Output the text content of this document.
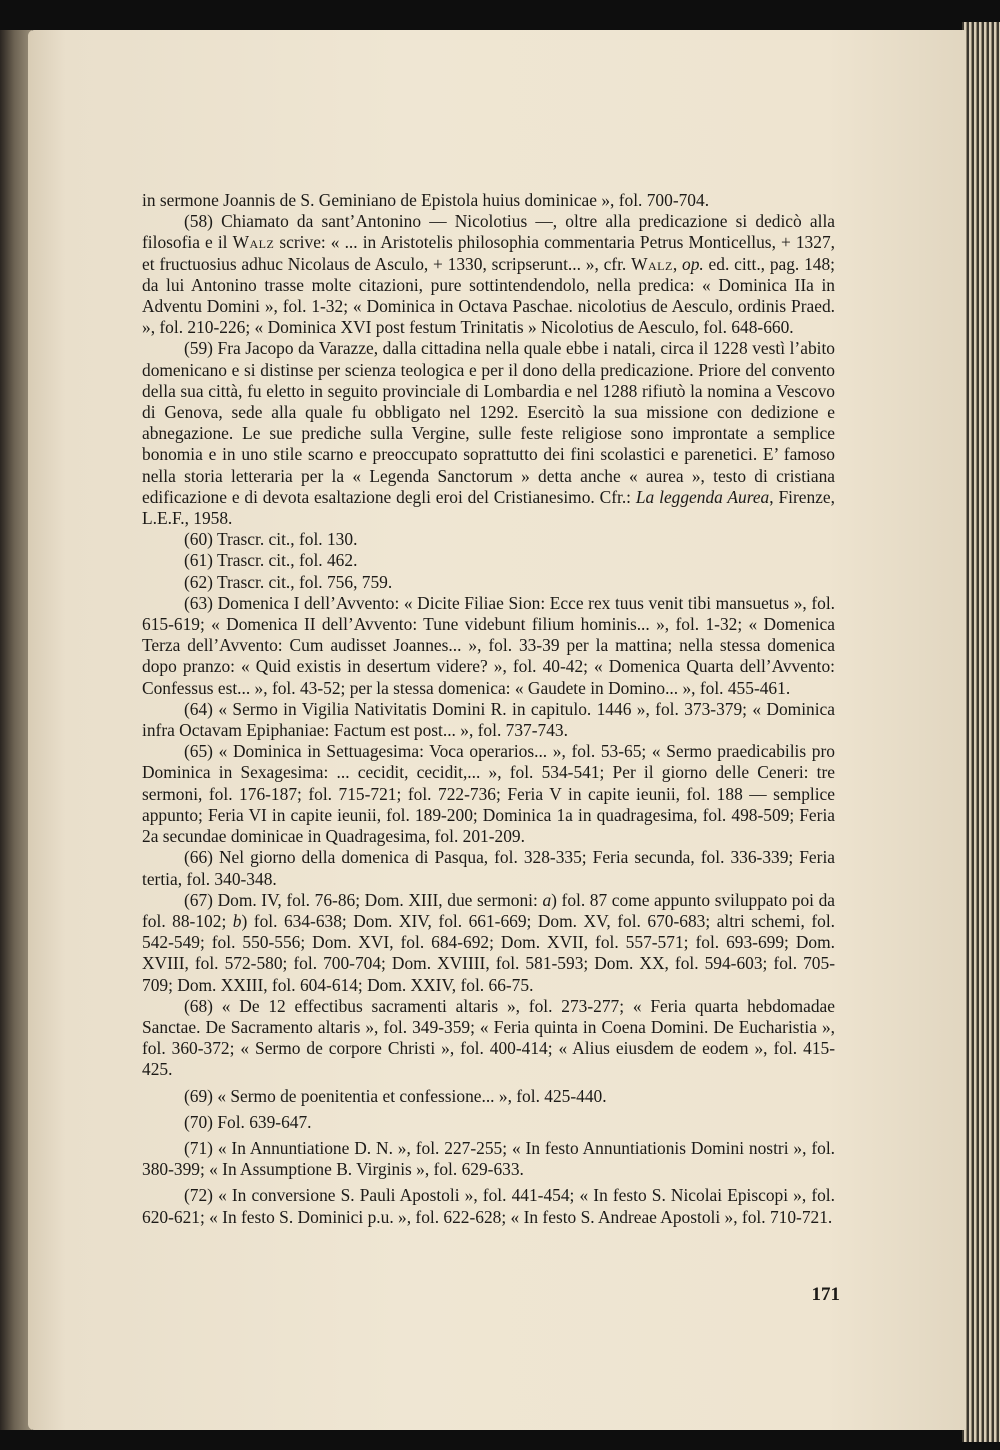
in sermone Joannis de S. Geminiano de Epistola huius dominicae », fol. 700-704.

(58) Chiamato da sant’Antonino — Nicolotius —, oltre alla predicazione si dedicò alla filosofia e il Walz scrive: « ... in Aristotelis philosophia commentaria Petrus Monticellus, + 1327, et fructuosius adhuc Nicolaus de Asculo, + 1330, scripserunt... », cfr. Walz, op. ed. citt., pag. 148; da lui Antonino trasse molte citazioni, pure sottintendendolo, nella predica: « Dominica IIa in Adventu Domini », fol. 1-32; « Dominica in Octava Paschae. nicolotius de Aesculo, ordinis Praed. », fol. 210-226; « Dominica XVI post festum Trinitatis » Nicolotius de Aesculo, fol. 648-660.

(59) Fra Jacopo da Varazze, dalla cittadina nella quale ebbe i natali, circa il 1228 vestì l’abito domenicano e si distinse per scienza teologica e per il dono della predicazione. Priore del convento della sua città, fu eletto in seguito provinciale di Lombardia e nel 1288 rifiutò la nomina a Vescovo di Genova, sede alla quale fu obbligato nel 1292. Esercitò la sua missione con dedizione e abnegazione. Le sue prediche sulla Vergine, sulle feste religiose sono improntate a semplice bonomia e in uno stile scarno e preoccupato soprattutto dei fini scolastici e parenetici. E’ famoso nella storia letteraria per la « Legenda Sanctorum » detta anche « aurea », testo di cristiana edificazione e di devota esaltazione degli eroi del Cristianesimo. Cfr.: La leggenda Aurea, Firenze, L.E.F., 1958.

(60) Trascr. cit., fol. 130.

(61) Trascr. cit., fol. 462.

(62) Trascr. cit., fol. 756, 759.

(63) Domenica I dell’Avvento: « Dicite Filiae Sion: Ecce rex tuus venit tibi mansuetus », fol. 615-619; « Domenica II dell’Avvento: Tune videbunt filium hominis... », fol. 1-32; « Domenica Terza dell’Avvento: Cum audisset Joannes... », fol. 33-39 per la mattina; nella stessa domenica dopo pranzo: « Quid existis in desertum videre? », fol. 40-42; « Domenica Quarta dell’Avvento: Confessus est... », fol. 43-52; per la stessa domenica: « Gaudete in Domino... », fol. 455-461.

(64) « Sermo in Vigilia Nativitatis Domini R. in capitulo. 1446 », fol. 373-379; « Dominica infra Octavam Epiphaniae: Factum est post... », fol. 737-743.

(65) « Dominica in Settuagesima: Voca operarios... », fol. 53-65; « Sermo praedicabilis pro Dominica in Sexagesima: ... cecidit, cecidit,... », fol. 534-541; Per il giorno delle Ceneri: tre sermoni, fol. 176-187; fol. 715-721; fol. 722-736; Feria V in capite ieunii, fol. 188 — semplice appunto; Feria VI in capite ieunii, fol. 189-200; Dominica 1a in quadragesima, fol. 498-509; Feria 2a secundae dominicae in Quadragesima, fol. 201-209.

(66) Nel giorno della domenica di Pasqua, fol. 328-335; Feria secunda, fol. 336-339; Feria tertia, fol. 340-348.

(67) Dom. IV, fol. 76-86; Dom. XIII, due sermoni: a) fol. 87 come appunto sviluppato poi da fol. 88-102; b) fol. 634-638; Dom. XIV, fol. 661-669; Dom. XV, fol. 670-683; altri schemi, fol. 542-549; fol. 550-556; Dom. XVI, fol. 684-692; Dom. XVII, fol. 557-571; fol. 693-699; Dom. XVIII, fol. 572-580; fol. 700-704; Dom. XVIIII, fol. 581-593; Dom. XX, fol. 594-603; fol. 705-709; Dom. XXIII, fol. 604-614; Dom. XXIV, fol. 66-75.

(68) « De 12 effectibus sacramenti altaris », fol. 273-277; « Feria quarta hebdomadae Sanctae. De Sacramento altaris », fol. 349-359; « Feria quinta in Coena Domini. De Eucharistia », fol. 360-372; « Sermo de corpore Christi », fol. 400-414; « Alius eiusdem de eodem », fol. 415-425.

(69) « Sermo de poenitentia et confessione... », fol. 425-440.

(70) Fol. 639-647.

(71) « In Annuntiatione D. N. », fol. 227-255; « In festo Annuntiationis Domini nostri », fol. 380-399; « In Assumptione B. Virginis », fol. 629-633.

(72) « In conversione S. Pauli Apostoli », fol. 441-454; « In festo S. Nicolai Episcopi », fol. 620-621; « In festo S. Dominici p.u. », fol. 622-628; « In festo S. Andreae Apostoli », fol. 710-721.

171
